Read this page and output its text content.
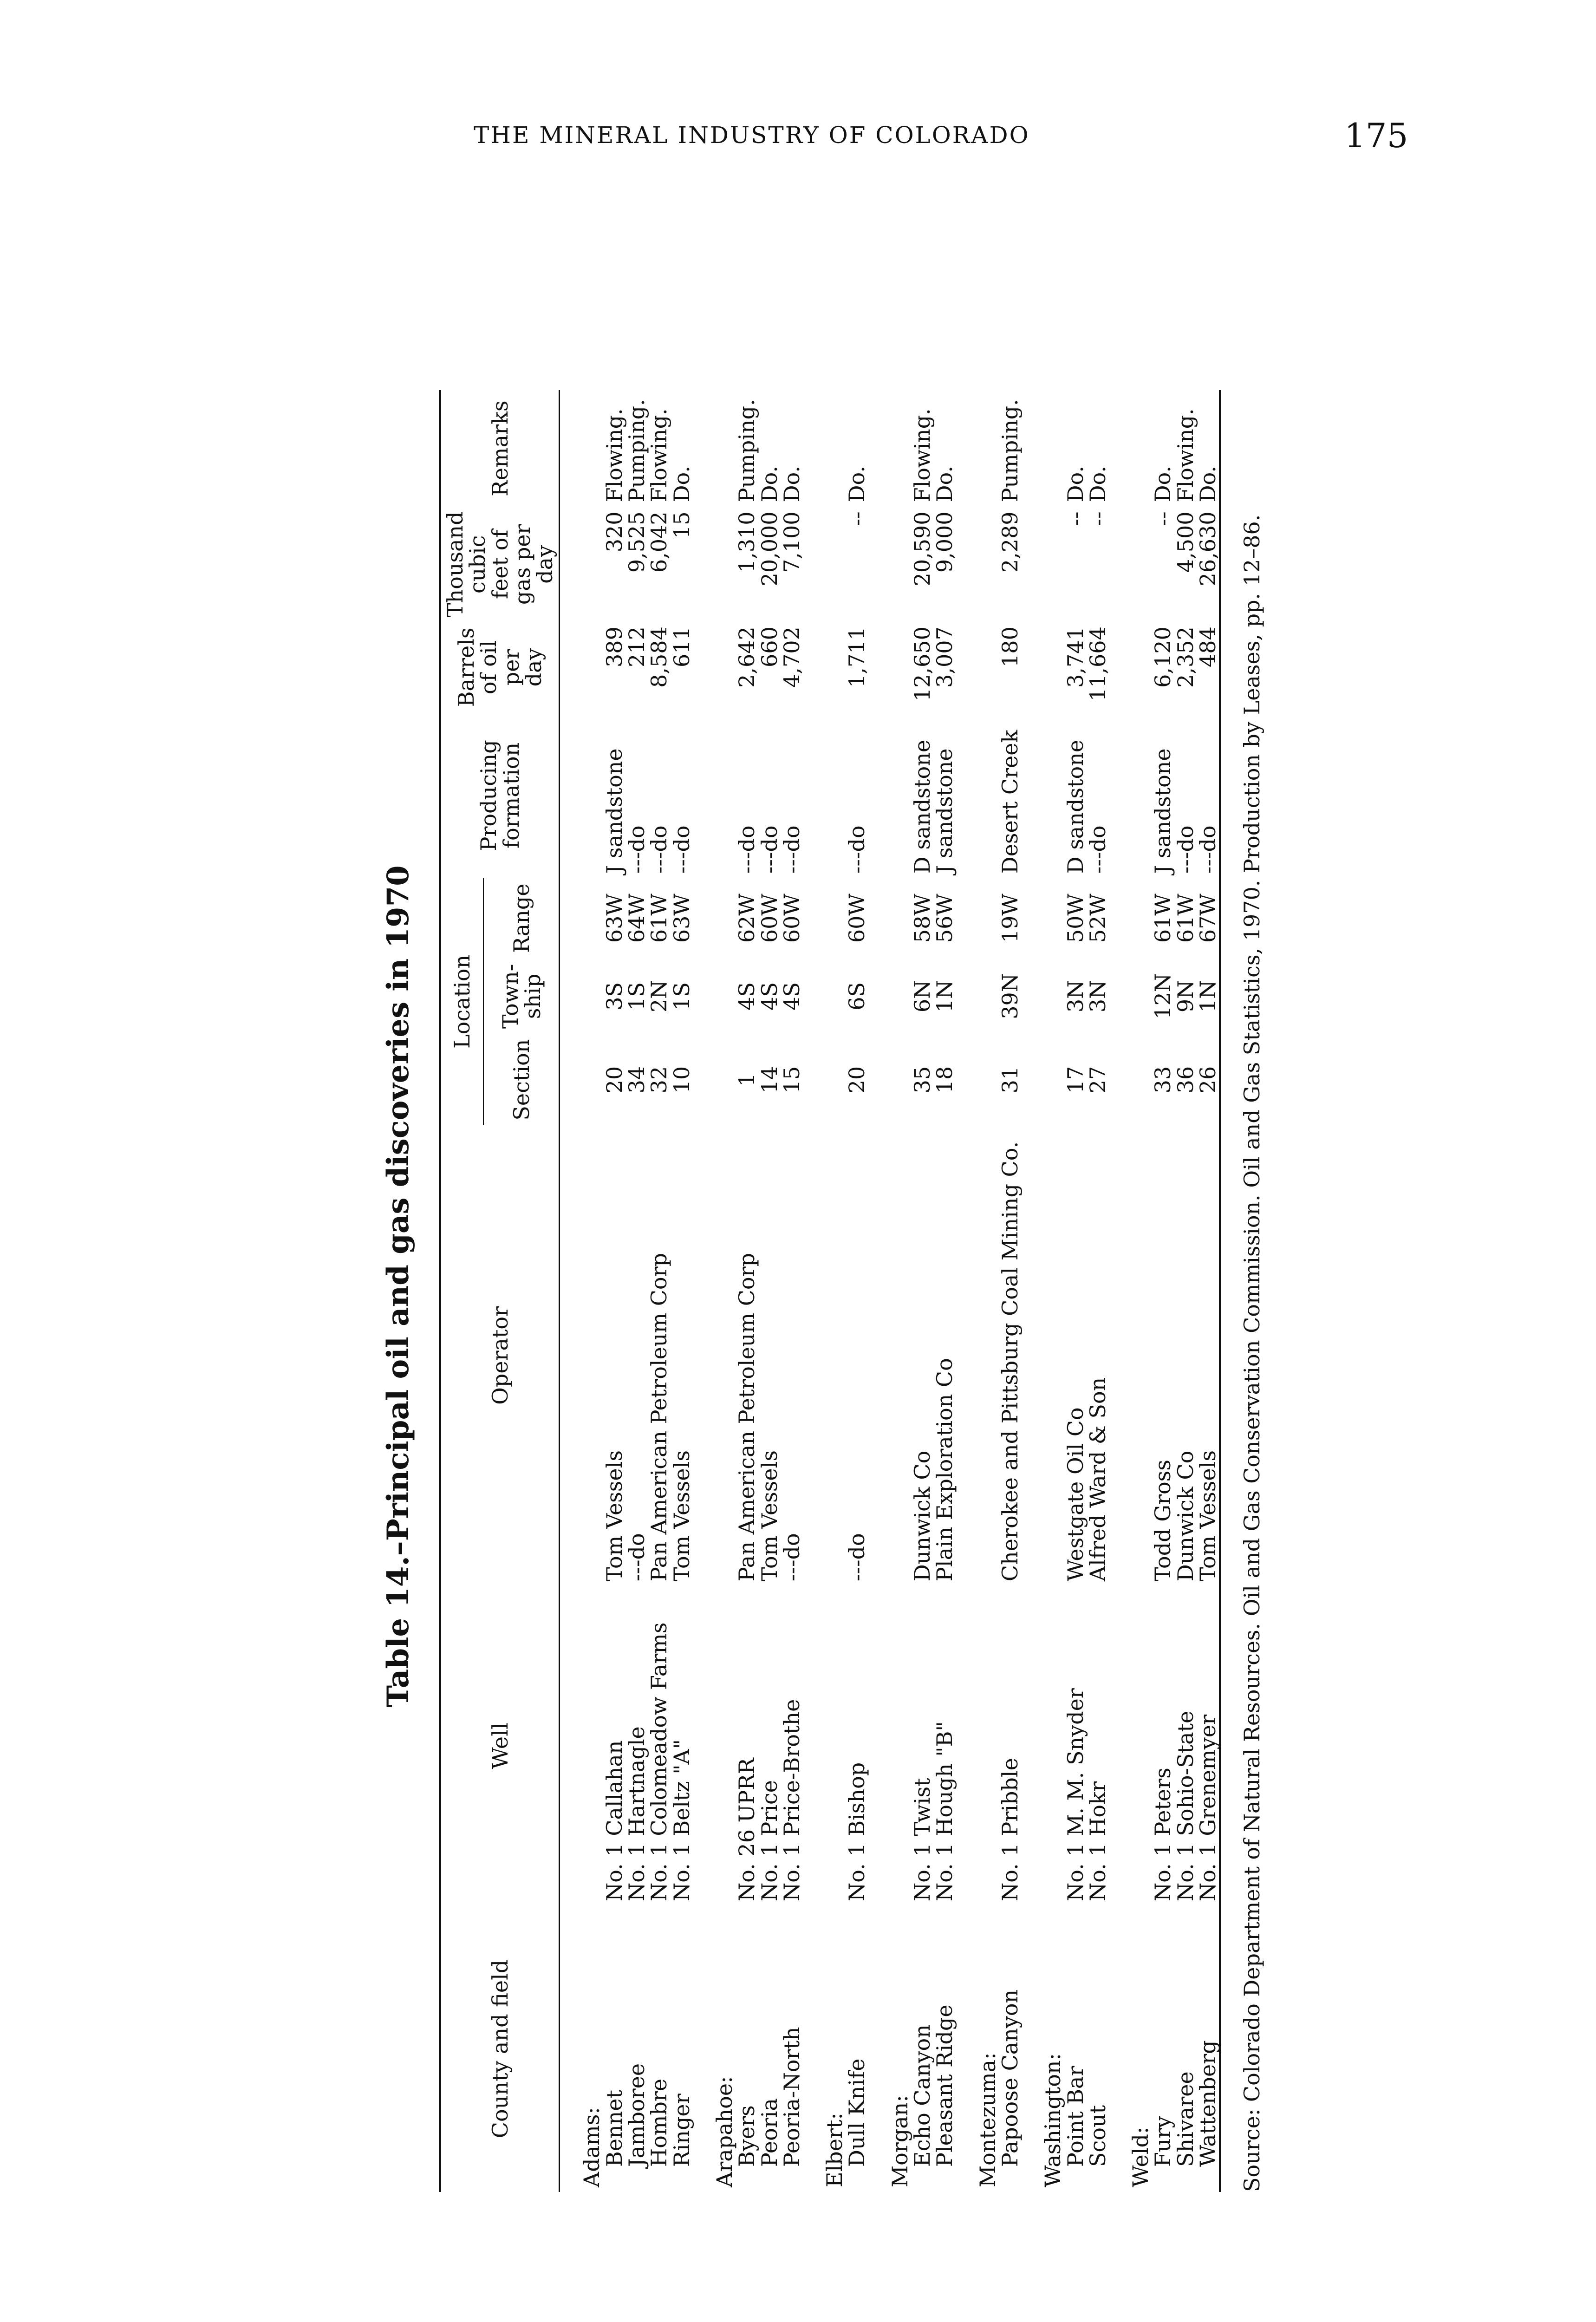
THE MINERAL INDUSTRY OF COLORADO	175
Table 14.–Principal oil and gas discoveries in 1970
County and field	Well	Operator	Location			Producing formation	Barrels of oil per day	Thousand cubic feet of gas per day	Remarks
			Section	Town-ship	Range				
Adams:									
Bennet	No. 1 Callahan	Tom Vessels	20	3S	63W	J sandstone	389	320	Flowing.
Jamboree	No. 1 Hartnagle	---do	34	1S	64W	---do	212	9,525	Pumping.
Hombre	No. 1 Colomeadow Farms	Pan American Petroleum Corp	32	2N	61W	---do	8,584	6,042	Flowing.
Ringer	No. 1 Beltz "A"	Tom Vessels	10	1S	63W	---do	611	15	Do.
Arapahoe:									
Byers	No. 26 UPRR	Pan American Petroleum Corp	1	4S	62W	---do	2,642	1,310	Pumping.
Peoria	No. 1 Price	Tom Vessels	14	4S	60W	---do	660	20,000	Do.
Peoria-North	No. 1 Price-Brothe	---do	15	4S	60W	---do	4,702	7,100	Do.
Elbert:									
Dull Knife	No. 1 Bishop	---do	20	6S	60W	---do	1,711	--	Do.
Morgan:									
Echo Canyon	No. 1 Twist	Dunwick Co	35	6N	58W	D sandstone	12,650	20,590	Flowing.
Pleasant Ridge	No. 1 Hough "B"	Plain Exploration Co	18	1N	56W	J sandstone	3,007	9,000	Do.
Montezuma:									
Papoose Canyon	No. 1 Pribble	Cherokee and Pittsburg Coal Mining Co.	31	39N	19W	Desert Creek	180	2,289	Pumping.
Washington:									
Point Bar	No. 1 M. M. Snyder	Westgate Oil Co	17	3N	50W	D sandstone	3,741	--	Do.
Scout	No. 1 Hokr	Alfred Ward & Son	27	3N	52W	---do	11,664	--	Do.
Weld:									
Fury	No. 1 Peters	Todd Gross	33	12N	61W	J sandstone	6,120	--	Do.
Shivaree	No. 1 Sohio-State	Dunwick Co	36	9N	61W	---do	2,352	4,500	Flowing.
Wattenberg	No. 1 Grenemyer	Tom Vessels	26	1N	67W	---do	484	26,630	Do.
Source: Colorado Department of Natural Resources. Oil and Gas Conservation Commission. Oil and Gas Statistics, 1970. Production by Leases, pp. 12–86.
